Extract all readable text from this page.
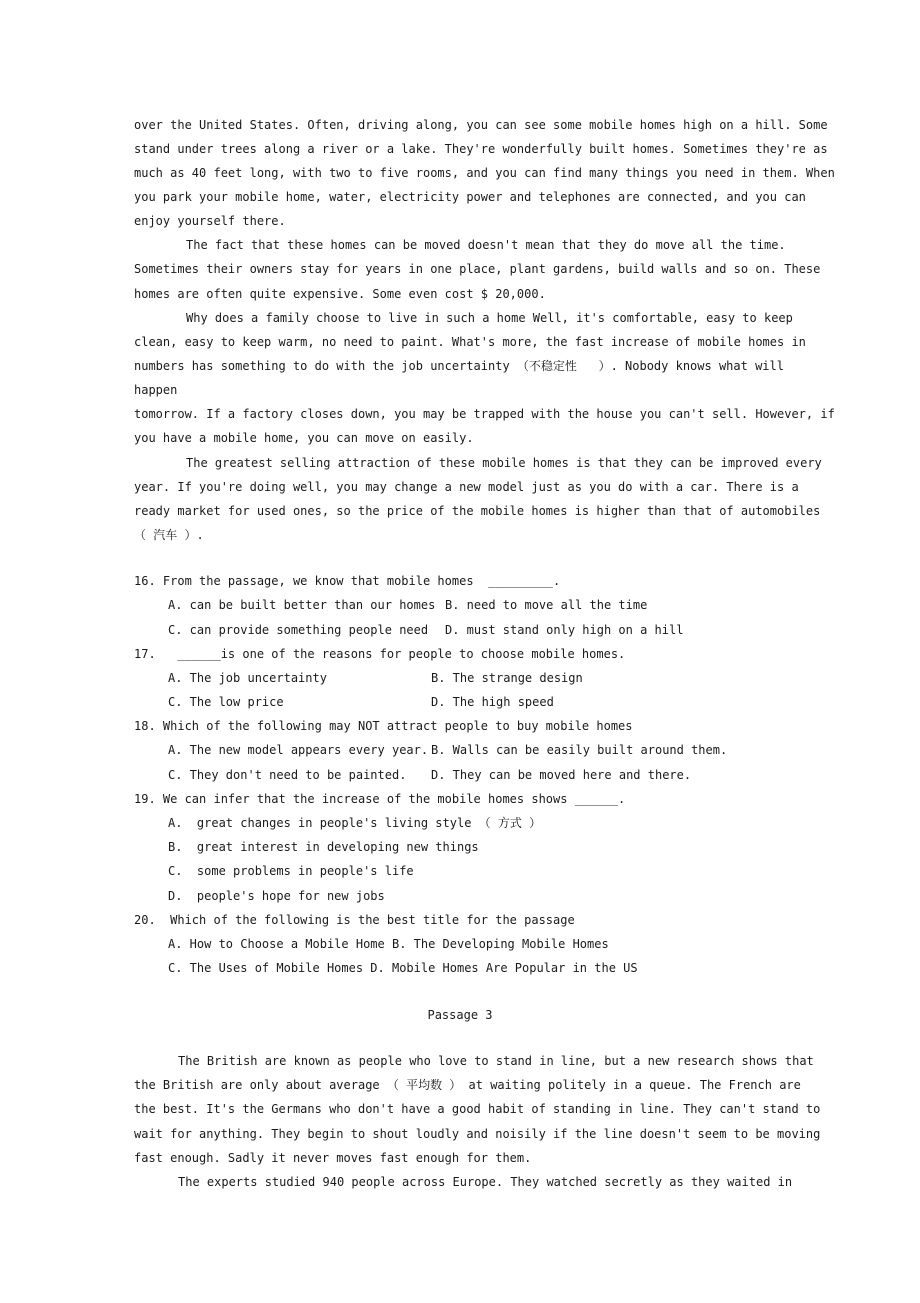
over the United States. Often, driving along, you can see some mobile homes high on a hill. Some
stand under trees along a river or a lake. They're wonderfully built homes. Sometimes they're as
much as 40 feet long, with two to five rooms, and you can find many things you need in them. When
you park your mobile home, water, electricity power and telephones are connected, and you can
enjoy yourself there.
The fact that these homes can be moved doesn't mean that they do move all the time.
Sometimes their owners stay for years in one place, plant gardens, build walls and so on. These
homes are often quite expensive. Some even cost $ 20,000.
Why does a family choose to live in such a home Well, it's comfortable, easy to keep
clean, easy to keep warm, no need to paint. What's more, the fast increase of mobile homes in
numbers has something to do with the job uncertainty （不稳定性   ）. Nobody knows what will
happen
tomorrow. If a factory closes down, you may be trapped with the house you can't sell. However, if
you have a mobile home, you can move on easily.
The greatest selling attraction of these mobile homes is that they can be improved every
year. If you're doing well, you may change a new model just as you do with a car. There is a
ready market for used ones, so the price of the mobile homes is higher than that of automobiles
（ 汽车 ）.
16. From the passage, we know that mobile homes  _________.
A. can be built better than our homes B. need to move all the time
C. can provide something people need D. must stand only high on a hill
17.   ______is one of the reasons for people to choose mobile homes.
A. The job uncertainty	B. The strange design
C. The low price	D. The high speed
18. Which of the following may NOT attract people to buy mobile homes
A. The new model appears every year. B. Walls can be easily built around them.
C. They don't need to be painted. D. They can be moved here and there.
19. We can infer that the increase of the mobile homes shows ______.
A.  great changes in people's living style （ 方式 ）
B.  great interest in developing new things
C.  some problems in people's life
D.  people's hope for new jobs
20.  Which of the following is the best title for the passage
A. How to Choose a Mobile Home B. The Developing Mobile Homes
C. The Uses of Mobile Homes D. Mobile Homes Are Popular in the US
Passage 3
The British are known as people who love to stand in line, but a new research shows that
the British are only about average （ 平均数 ） at waiting politely in a queue. The French are
the best. It's the Germans who don't have a good habit of standing in line. They can't stand to
wait for anything. They begin to shout loudly and noisily if the line doesn't seem to be moving
fast enough. Sadly it never moves fast enough for them.
The experts studied 940 people across Europe. They watched secretly as they waited in
